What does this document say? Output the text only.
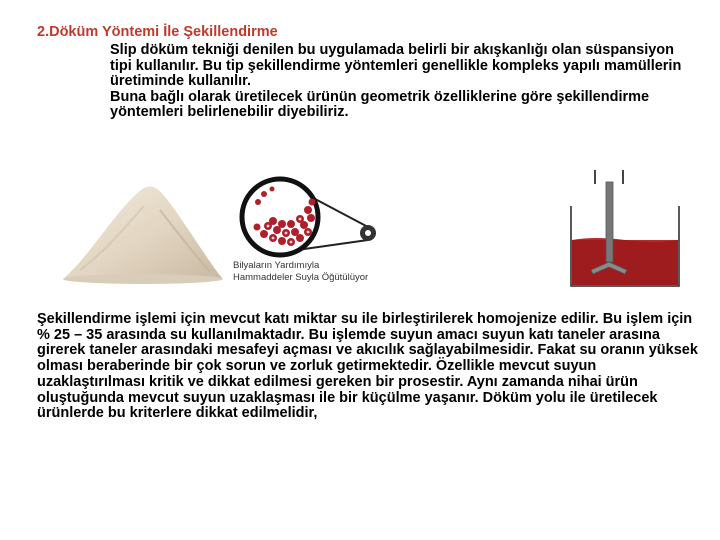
2.Döküm Yöntemi İle Şekillendirme

Slip döküm tekniği denilen bu uygulamada belirli bir akışkanlığı olan süspansiyon tipi kullanılır. Bu tip şekillendirme yöntemleri genellikle kompleks yapılı mamüllerin üretiminde kullanılır.

Buna bağlı olarak üretilecek ürünün geometrik özelliklerine göre şekillendirme yöntemleri belirlenebilir diyebiliriz.

Bilyaların Yardımıyla
Hammaddeler Suyla Öğütülüyor

Şekillendirme işlemi için mevcut katı miktar su ile birleştirilerek homojenize edilir. Bu işlem için % 25 – 35 arasında su kullanılmaktadır. Bu işlemde suyun amacı suyun katı taneler arasına girerek taneler arasındaki mesafeyi açması ve akıcılık sağlayabilmesidir. Fakat su oranın yüksek olması beraberinde bir çok sorun ve zorluk getirmektedir. Özellikle mevcut suyun uzaklaştırılması kritik ve dikkat edilmesi gereken bir prosestir. Aynı zamanda nihai ürün oluştuğunda mevcut suyun uzaklaşması ile bir küçülme yaşanır. Döküm yolu ile üretilecek ürünlerde bu kriterlere dikkat edilmelidir,
